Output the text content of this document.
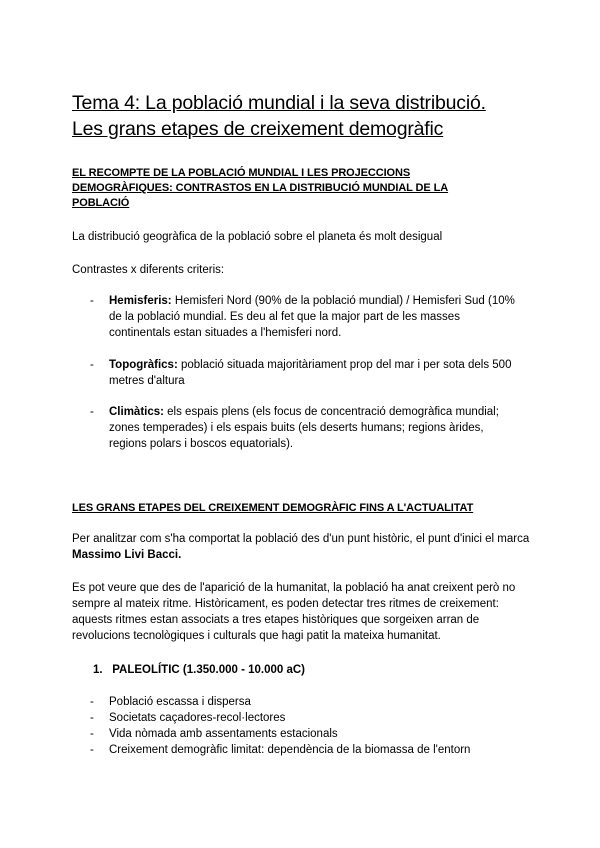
Tema 4: La població mundial i la seva distribució.
Les grans etapes de creixement demogràfic
EL RECOMPTE DE LA POBLACIÓ MUNDIAL I LES PROJECCIONS
DEMOGRÀFIQUES: CONTRASTOS EN LA DISTRIBUCIÓ MUNDIAL DE LA
POBLACIÓ
La distribució geogràfica de la població sobre el planeta és molt desigual
Contrastes x diferents criteris:
- Hemisferis: Hemisferi Nord (90% de la població mundial) / Hemisferi Sud (10% de la població mundial. Es deu al fet que la major part de les masses continentals estan situades a l'hemisferi nord.
- Topogràfics: població situada majoritàriament prop del mar i per sota dels 500 metres d'altura
- Climàtics: els espais plens (els focus de concentració demogràfica mundial; zones temperades) i els espais buits (els deserts humans; regions àrides, regions polars i boscos equatorials).
LES GRANS ETAPES DEL CREIXEMENT DEMOGRÀFIC FINS A L'ACTUALITAT
Per analitzar com s'ha comportat la població des d'un punt històric, el punt d'inici el marca Massimo Livi Bacci.
Es pot veure que des de l'aparició de la humanitat, la població ha anat creixent però no sempre al mateix ritme. Històricament, es poden detectar tres ritmes de creixement: aquests ritmes estan associats a tres etapes històriques que sorgeixen arran de revolucions tecnològiques i culturals que hagi patit la mateixa humanitat.
1. PALEOLÍTIC (1.350.000 - 10.000 aC)
- Població escassa i dispersa
- Societats caçadores-recol·lectores
- Vida nòmada amb assentaments estacionals
- Creixement demogràfic limitat: dependència de la biomassa de l'entorn
